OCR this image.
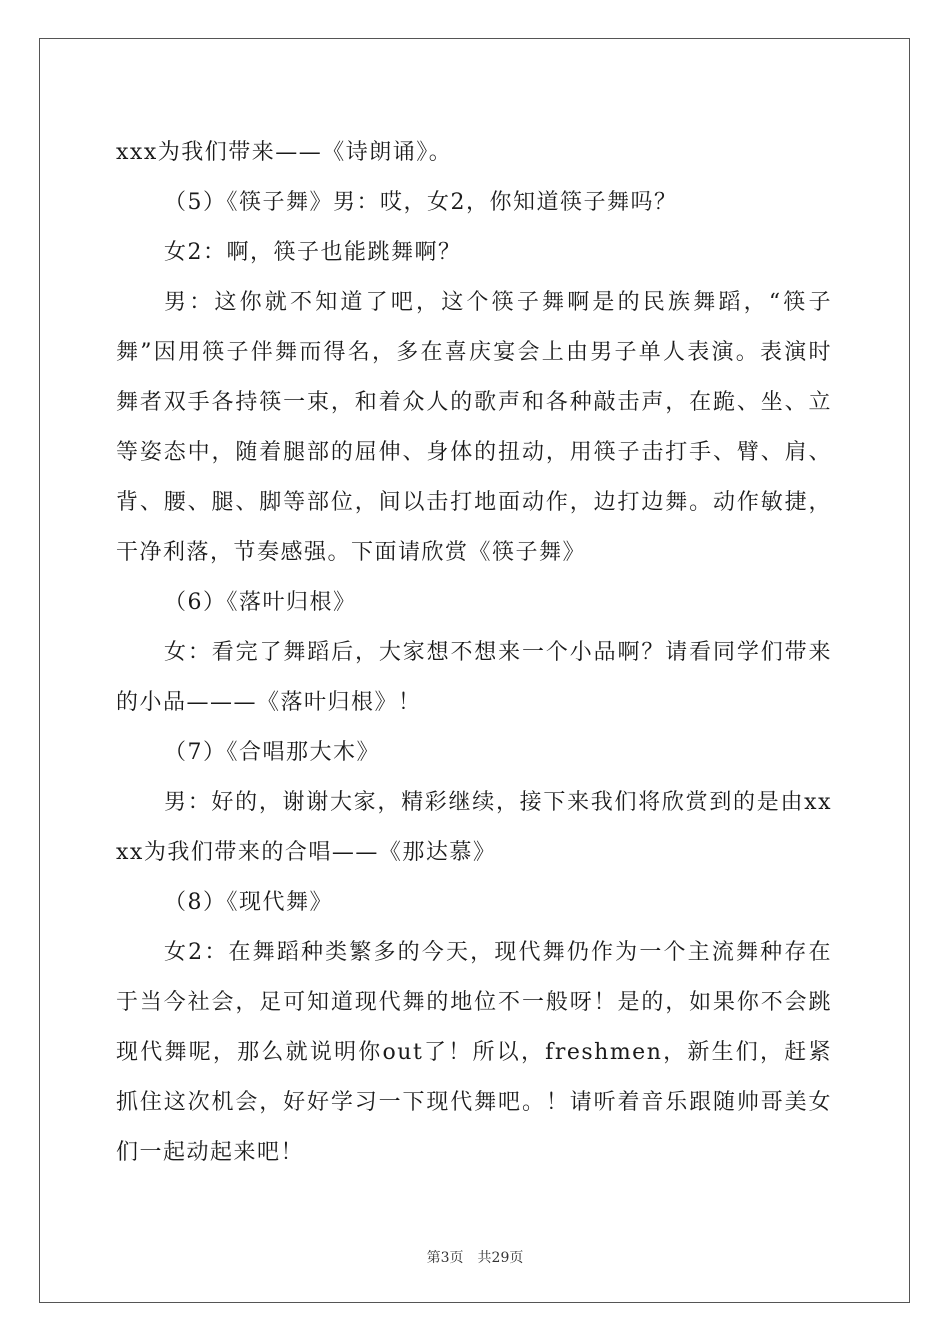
xxx为我们带来——《诗朗诵》。

（5）《筷子舞》男：哎，女2，你知道筷子舞吗？

女2：啊，筷子也能跳舞啊？

男：这你就不知道了吧，这个筷子舞啊是的民族舞蹈，“筷子舞”因用筷子伴舞而得名，多在喜庆宴会上由男子单人表演。表演时舞者双手各持筷一束，和着众人的歌声和各种敲击声，在跪、坐、立等姿态中，随着腿部的屈伸、身体的扭动，用筷子击打手、臂、肩、背、腰、腿、脚等部位，间以击打地面动作，边打边舞。动作敏捷，干净利落，节奏感强。下面请欣赏《筷子舞》

（6）《落叶归根》

女：看完了舞蹈后，大家想不想来一个小品啊？请看同学们带来的小品———《落叶归根》！

（7）《合唱那大木》

男：好的，谢谢大家，精彩继续，接下来我们将欣赏到的是由xxxx为我们带来的合唱——《那达慕》

（8）《现代舞》

女2：在舞蹈种类繁多的今天，现代舞仍作为一个主流舞种存在于当今社会，足可知道现代舞的地位不一般呀！是的，如果你不会跳现代舞呢，那么就说明你out了！所以，freshmen，新生们，赶紧抓住这次机会，好好学习一下现代舞吧。！请听着音乐跟随帅哥美女们一起动起来吧！

第3页 共29页
